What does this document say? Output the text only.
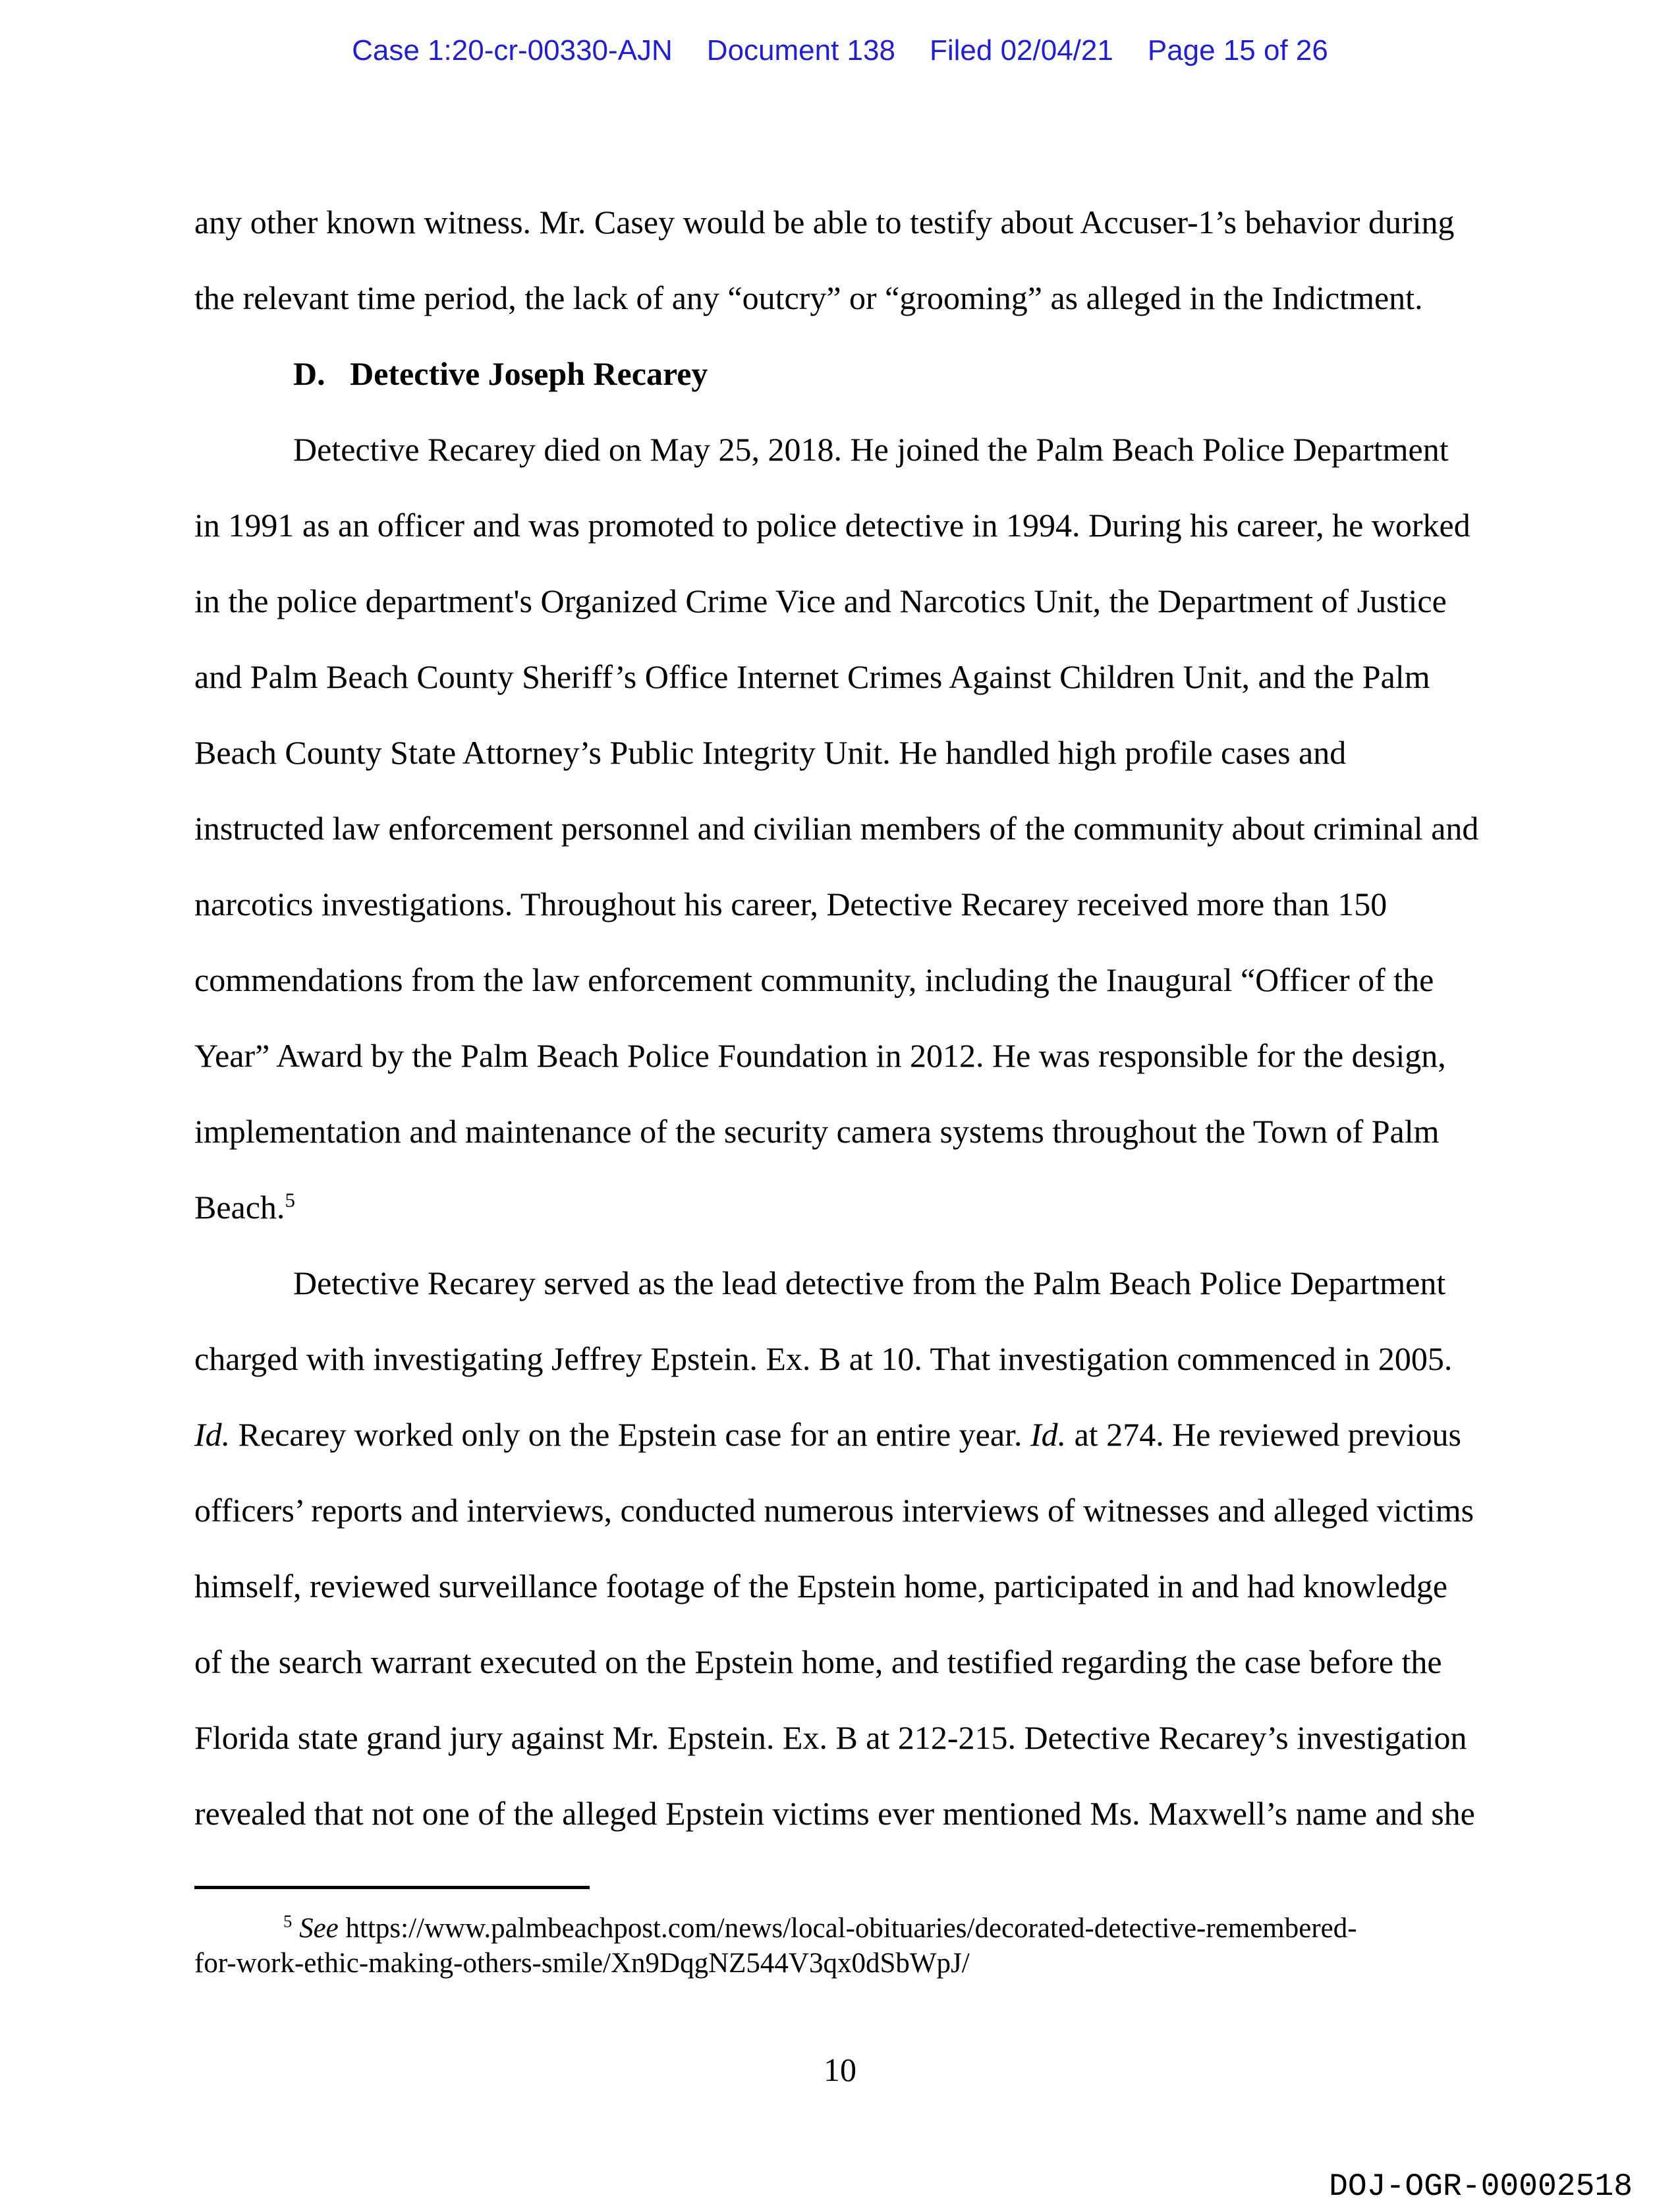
Case 1:20-cr-00330-AJN Document 138 Filed 02/04/21 Page 15 of 26
any other known witness. Mr. Casey would be able to testify about Accuser-1’s behavior during
the relevant time period, the lack of any “outcry” or “grooming” as alleged in the Indictment.
D.   Detective Joseph Recarey
Detective Recarey died on May 25, 2018. He joined the Palm Beach Police Department
in 1991 as an officer and was promoted to police detective in 1994. During his career, he worked
in the police department's Organized Crime Vice and Narcotics Unit, the Department of Justice
and Palm Beach County Sheriff’s Office Internet Crimes Against Children Unit, and the Palm
Beach County State Attorney’s Public Integrity Unit. He handled high profile cases and
instructed law enforcement personnel and civilian members of the community about criminal and
narcotics investigations. Throughout his career, Detective Recarey received more than 150
commendations from the law enforcement community, including the Inaugural “Officer of the
Year” Award by the Palm Beach Police Foundation in 2012. He was responsible for the design,
implementation and maintenance of the security camera systems throughout the Town of Palm
Beach.$^5$
Detective Recarey served as the lead detective from the Palm Beach Police Department
charged with investigating Jeffrey Epstein. Ex. B at 10. That investigation commenced in 2005.
Id. Recarey worked only on the Epstein case for an entire year. Id. at 274. He reviewed previous
officers’ reports and interviews, conducted numerous interviews of witnesses and alleged victims
himself, reviewed surveillance footage of the Epstein home, participated in and had knowledge
of the search warrant executed on the Epstein home, and testified regarding the case before the
Florida state grand jury against Mr. Epstein. Ex. B at 212-215. Detective Recarey’s investigation
revealed that not one of the alleged Epstein victims ever mentioned Ms. Maxwell’s name and she
$^5$ See https://www.palmbeachpost.com/news/local-obituaries/decorated-detective-remembered-
for-work-ethic-making-others-smile/Xn9DqgNZ544V3qx0dSbWpJ/
10
DOJ-OGR-00002518
